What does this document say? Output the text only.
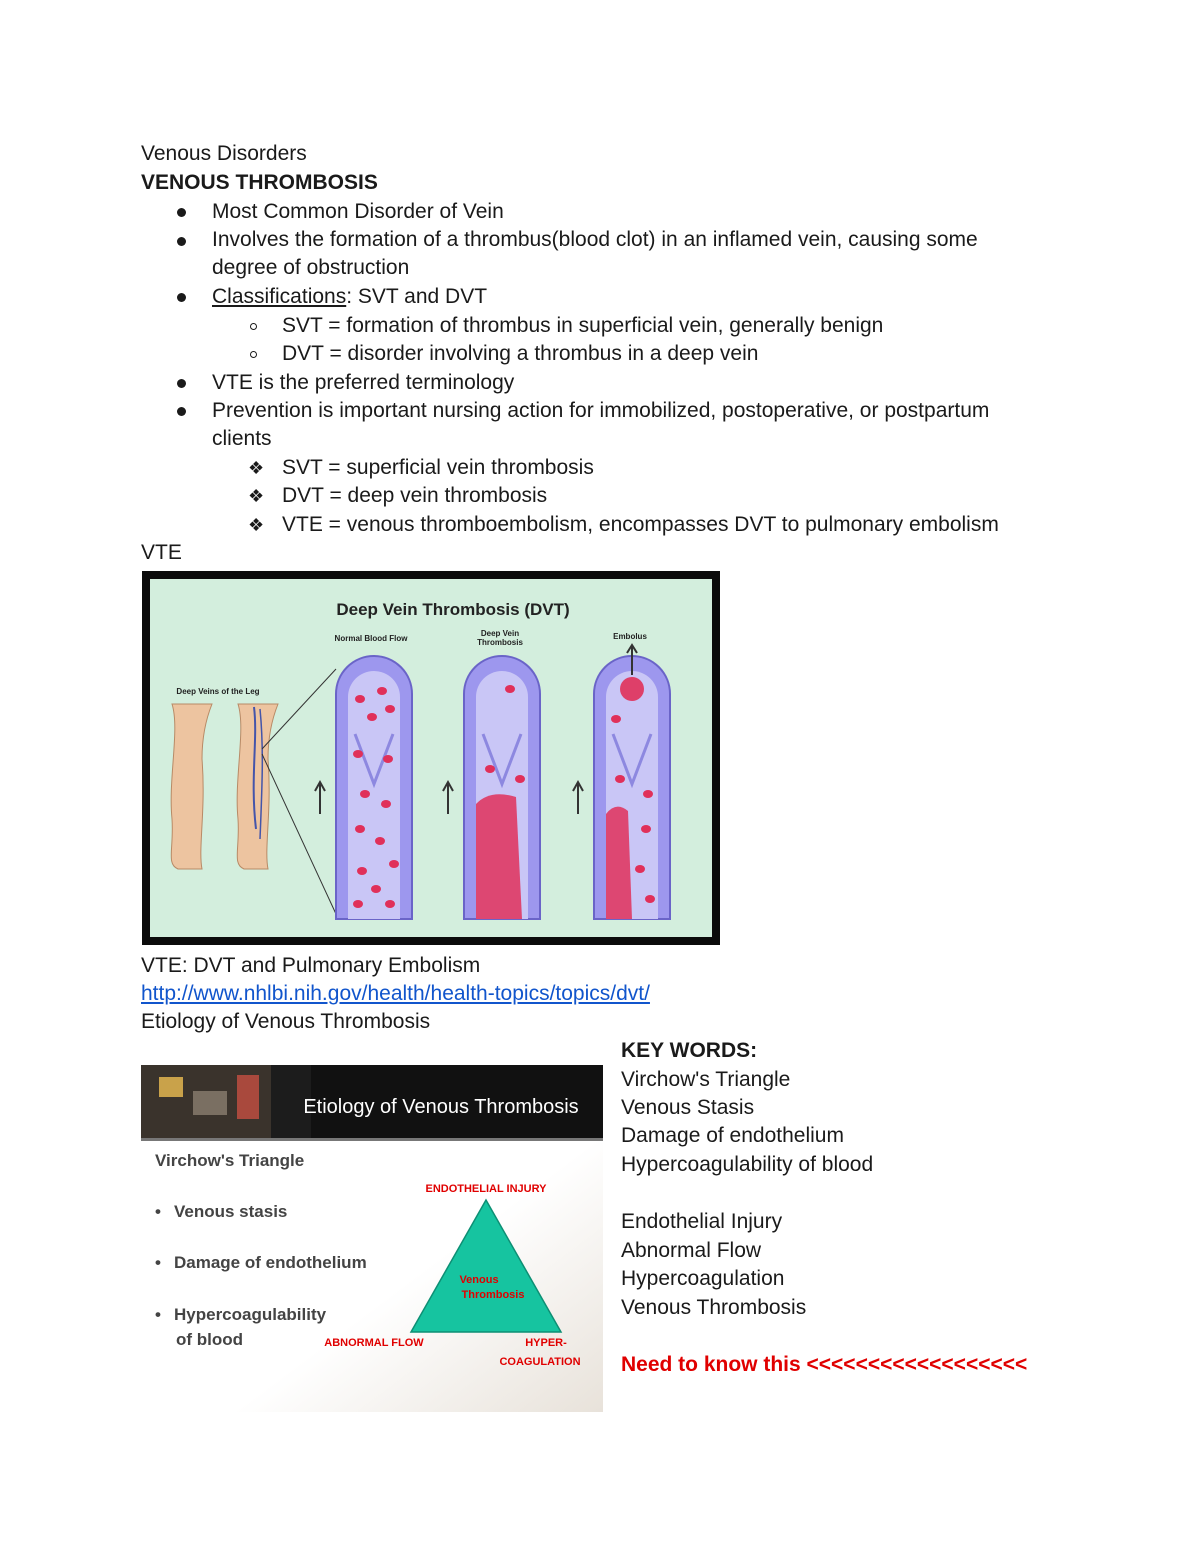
Venous Disorders
VENOUS THROMBOSIS
Most Common Disorder of Vein
Involves the formation of a thrombus(blood clot) in an inflamed vein, causing some
degree of obstruction
Classifications: SVT and DVT
SVT = formation of thrombus in superficial vein, generally benign
DVT = disorder involving a thrombus in a deep vein
VTE is the preferred terminology
Prevention is important nursing action for immobilized, postoperative, or postpartum
clients
❖ SVT = superficial vein thrombosis
❖ DVT = deep vein thrombosis
❖ VTE = venous thromboembolism, encompasses DVT to pulmonary embolism
VTE
Deep Vein Thrombosis (DVT)
Normal Blood Flow
Deep Vein
Thrombosis
Embolus
Deep Veins of the Leg
VTE: DVT and Pulmonary Embolism
http://www.nhlbi.nih.gov/health/health-topics/topics/dvt/
Etiology of Venous Thrombosis
Etiology of Venous Thrombosis
Virchow's Triangle
• Venous stasis
• Damage of endothelium
• Hypercoagulability
of blood
ENDOTHELIAL INJURY
ABNORMAL FLOW	HYPER-
COAGULATION
Venous
Thrombosis
KEY WORDS:
Virchow's Triangle
Venous Stasis
Damage of endothelium
Hypercoagulability of blood
Endothelial Injury
Abnormal Flow
Hypercoagulation
Venous Thrombosis
Need to know this <<<<<<<<<<<<<<<<<<
